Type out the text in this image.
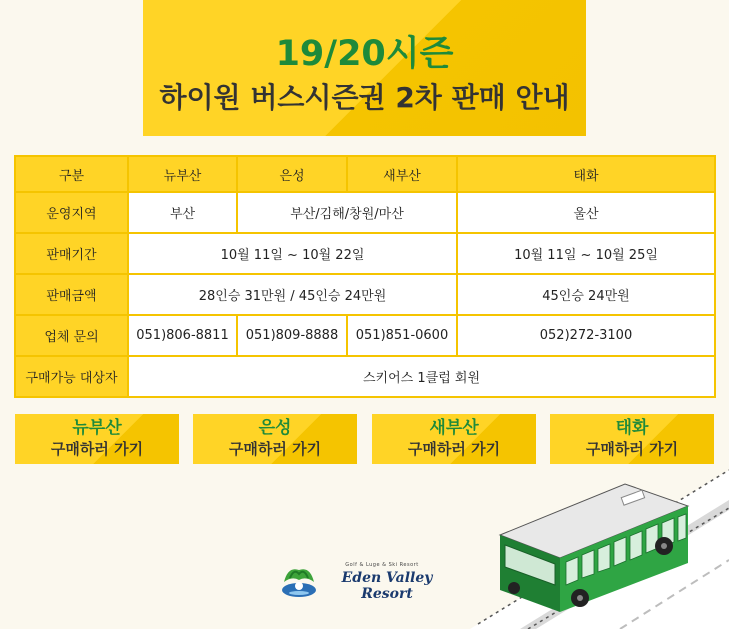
19/20시즌
하이원 버스시즌권 2차 판매 안내
구분	뉴부산	은성	새부산	태화
운영지역	부산	부산/김해/창원/마산		울산
판매기간	10월 11일 ~ 10월 22일			10월 11일 ~ 10월 25일
판매금액	28인승 31만원 / 45인승 24만원			45인승 24만원
업체 문의	051)806-8811	051)809-8888	051)851-0600	052)272-3100
구매가능 대상자	스키어스 1클럽 회원			
뉴부산
구매하러 가기
은성
구매하러 가기
새부산
구매하러 가기
태화
구매하러 가기
Golf & Luge & Ski Resort
Eden Valley Resort
